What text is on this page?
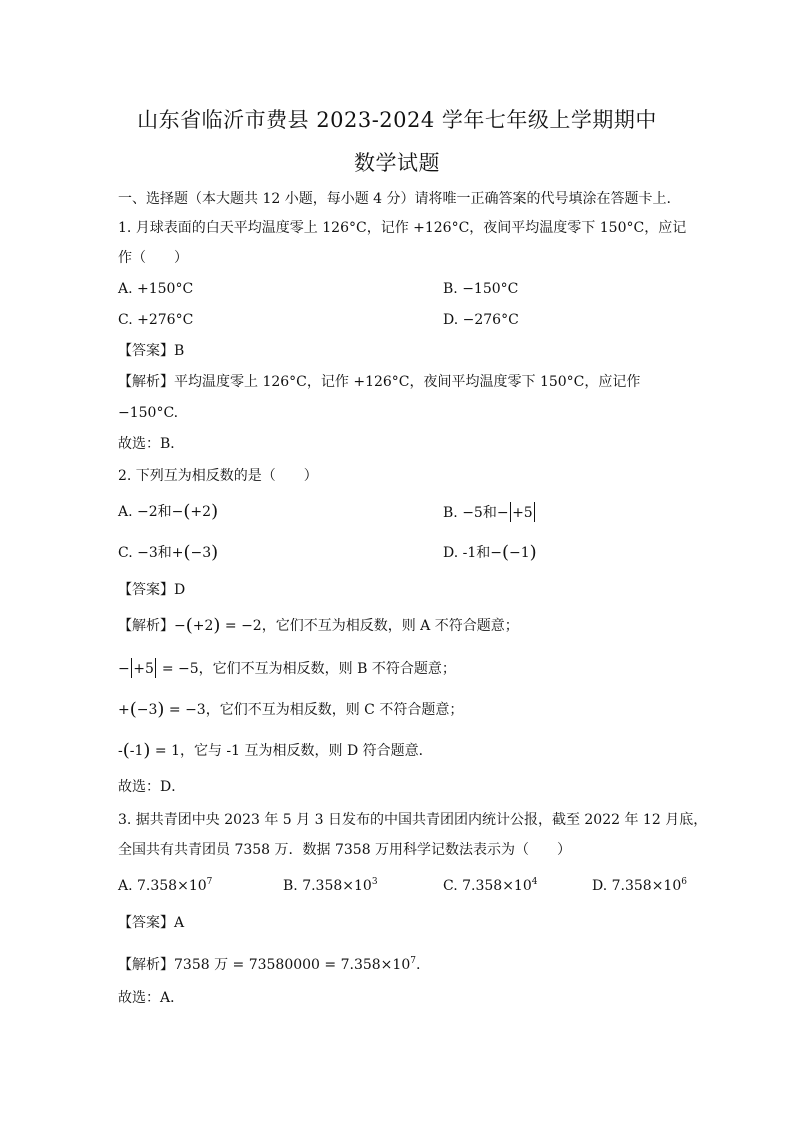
山东省临沂市费县 2023-2024 学年七年级上学期期中
数学试题
一、选择题（本大题共 12 小题，每小题 4 分）请将唯一正确答案的代号填涂在答题卡上.
1. 月球表面的白天平均温度零上 126°C，记作 +126°C，夜间平均温度零下 150°C，应记
作（　　）
A. +150°C	B. −150°C
C. +276°C	D. −276°C
【答案】B
【解析】平均温度零上 126°C，记作 +126°C，夜间平均温度零下 150°C，应记作
−150°C.
故选：B．
2. 下列互为相反数的是（　　）
A. −2和−(+2)	B. −5和− +5
C. −3和+(−3)	D. -1和−(−1)
【答案】D
【解析】−(+2) = −2，它们不互为相反数，则 A 不符合题意；
− +5 = −5，它们不互为相反数，则 B 不符合题意；
+(−3) = −3，它们不互为相反数，则 C 不符合题意；
-(-1) = 1，它与 -1 互为相反数，则 D 符合题意．
故选：D．
3. 据共青团中央 2023 年 5 月 3 日发布的中国共青团团内统计公报，截至 2022 年 12 月底，
全国共有共青团员 7358 万．数据 7358 万用科学记数法表示为（　　）
A. $7.358\times 10^7$	B. $7.358\times 10^3$	C. $7.358\times 10^4$	D. $7.358\times 10^6$
【答案】A
【解析】7358 万 = $73580000 = 7.358\times 10^7$.
故选：A．
